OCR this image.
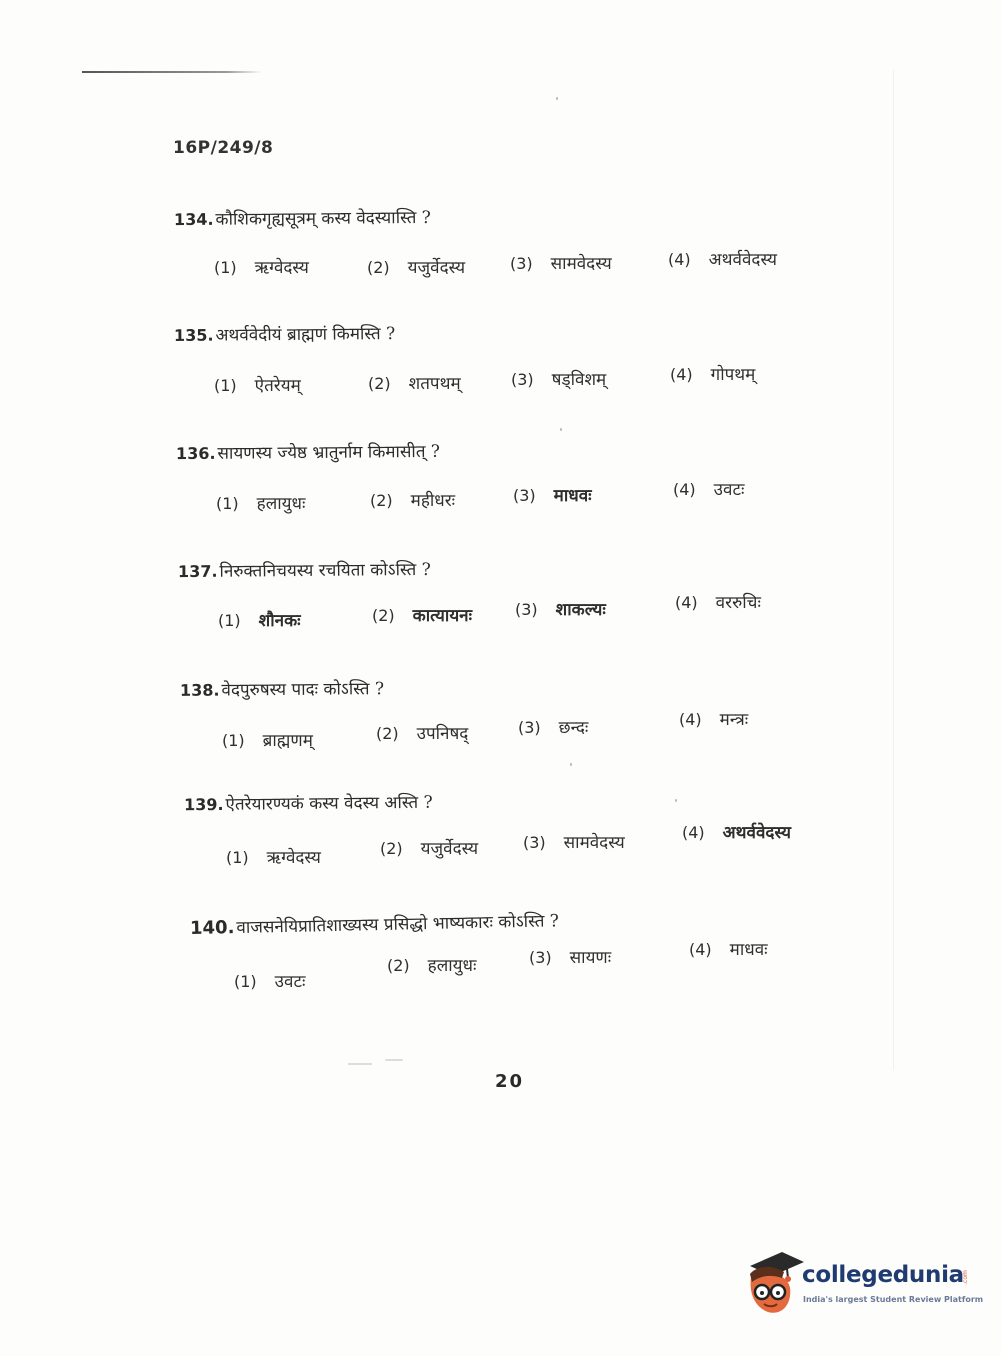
16P/249/8
134. कौशिकगृह्यसूत्रम् कस्य वेदस्यास्ति ?
(1) ऋग्वेदस्य	(2) यजुर्वेदस्य	(3) सामवेदस्य	(4) अथर्ववेदस्य
135. अथर्ववेदीयं ब्राह्मणं किमस्ति ?
(1) ऐतरेयम्	(2) शतपथम्	(3) षड्विशम्	(4) गोपथम्
136. सायणस्य ज्येष्ठ भ्रातुर्नाम किमासीत् ?
(1) हलायुधः	(2) महीधरः	(3) माधवः	(4) उवटः
137. निरुक्तनिचयस्य रचयिता कोऽस्ति ?
(1) शौनकः	(2) कात्यायनः	(3) शाकल्यः	(4) वररुचिः
138. वेदपुरुषस्य पादः कोऽस्ति ?
(1) ब्राह्मणम्	(2) उपनिषद्	(3) छन्दः	(4) मन्त्रः
139. ऐतरेयारण्यकं कस्य वेदस्य अस्ति ?
(1) ऋग्वेदस्य	(2) यजुर्वेदस्य	(3) सामवेदस्य
(4) अथर्ववेदस्य
140.वाजसनेयिप्रातिशाख्यस्य प्रसिद्धो भाष्यकारः कोऽस्ति ?
(1) उवटः
(2) हलायुधः	(3) सायणः	(4) माधवः
20
collegedunia
.com
India's largest Student Review Platform
